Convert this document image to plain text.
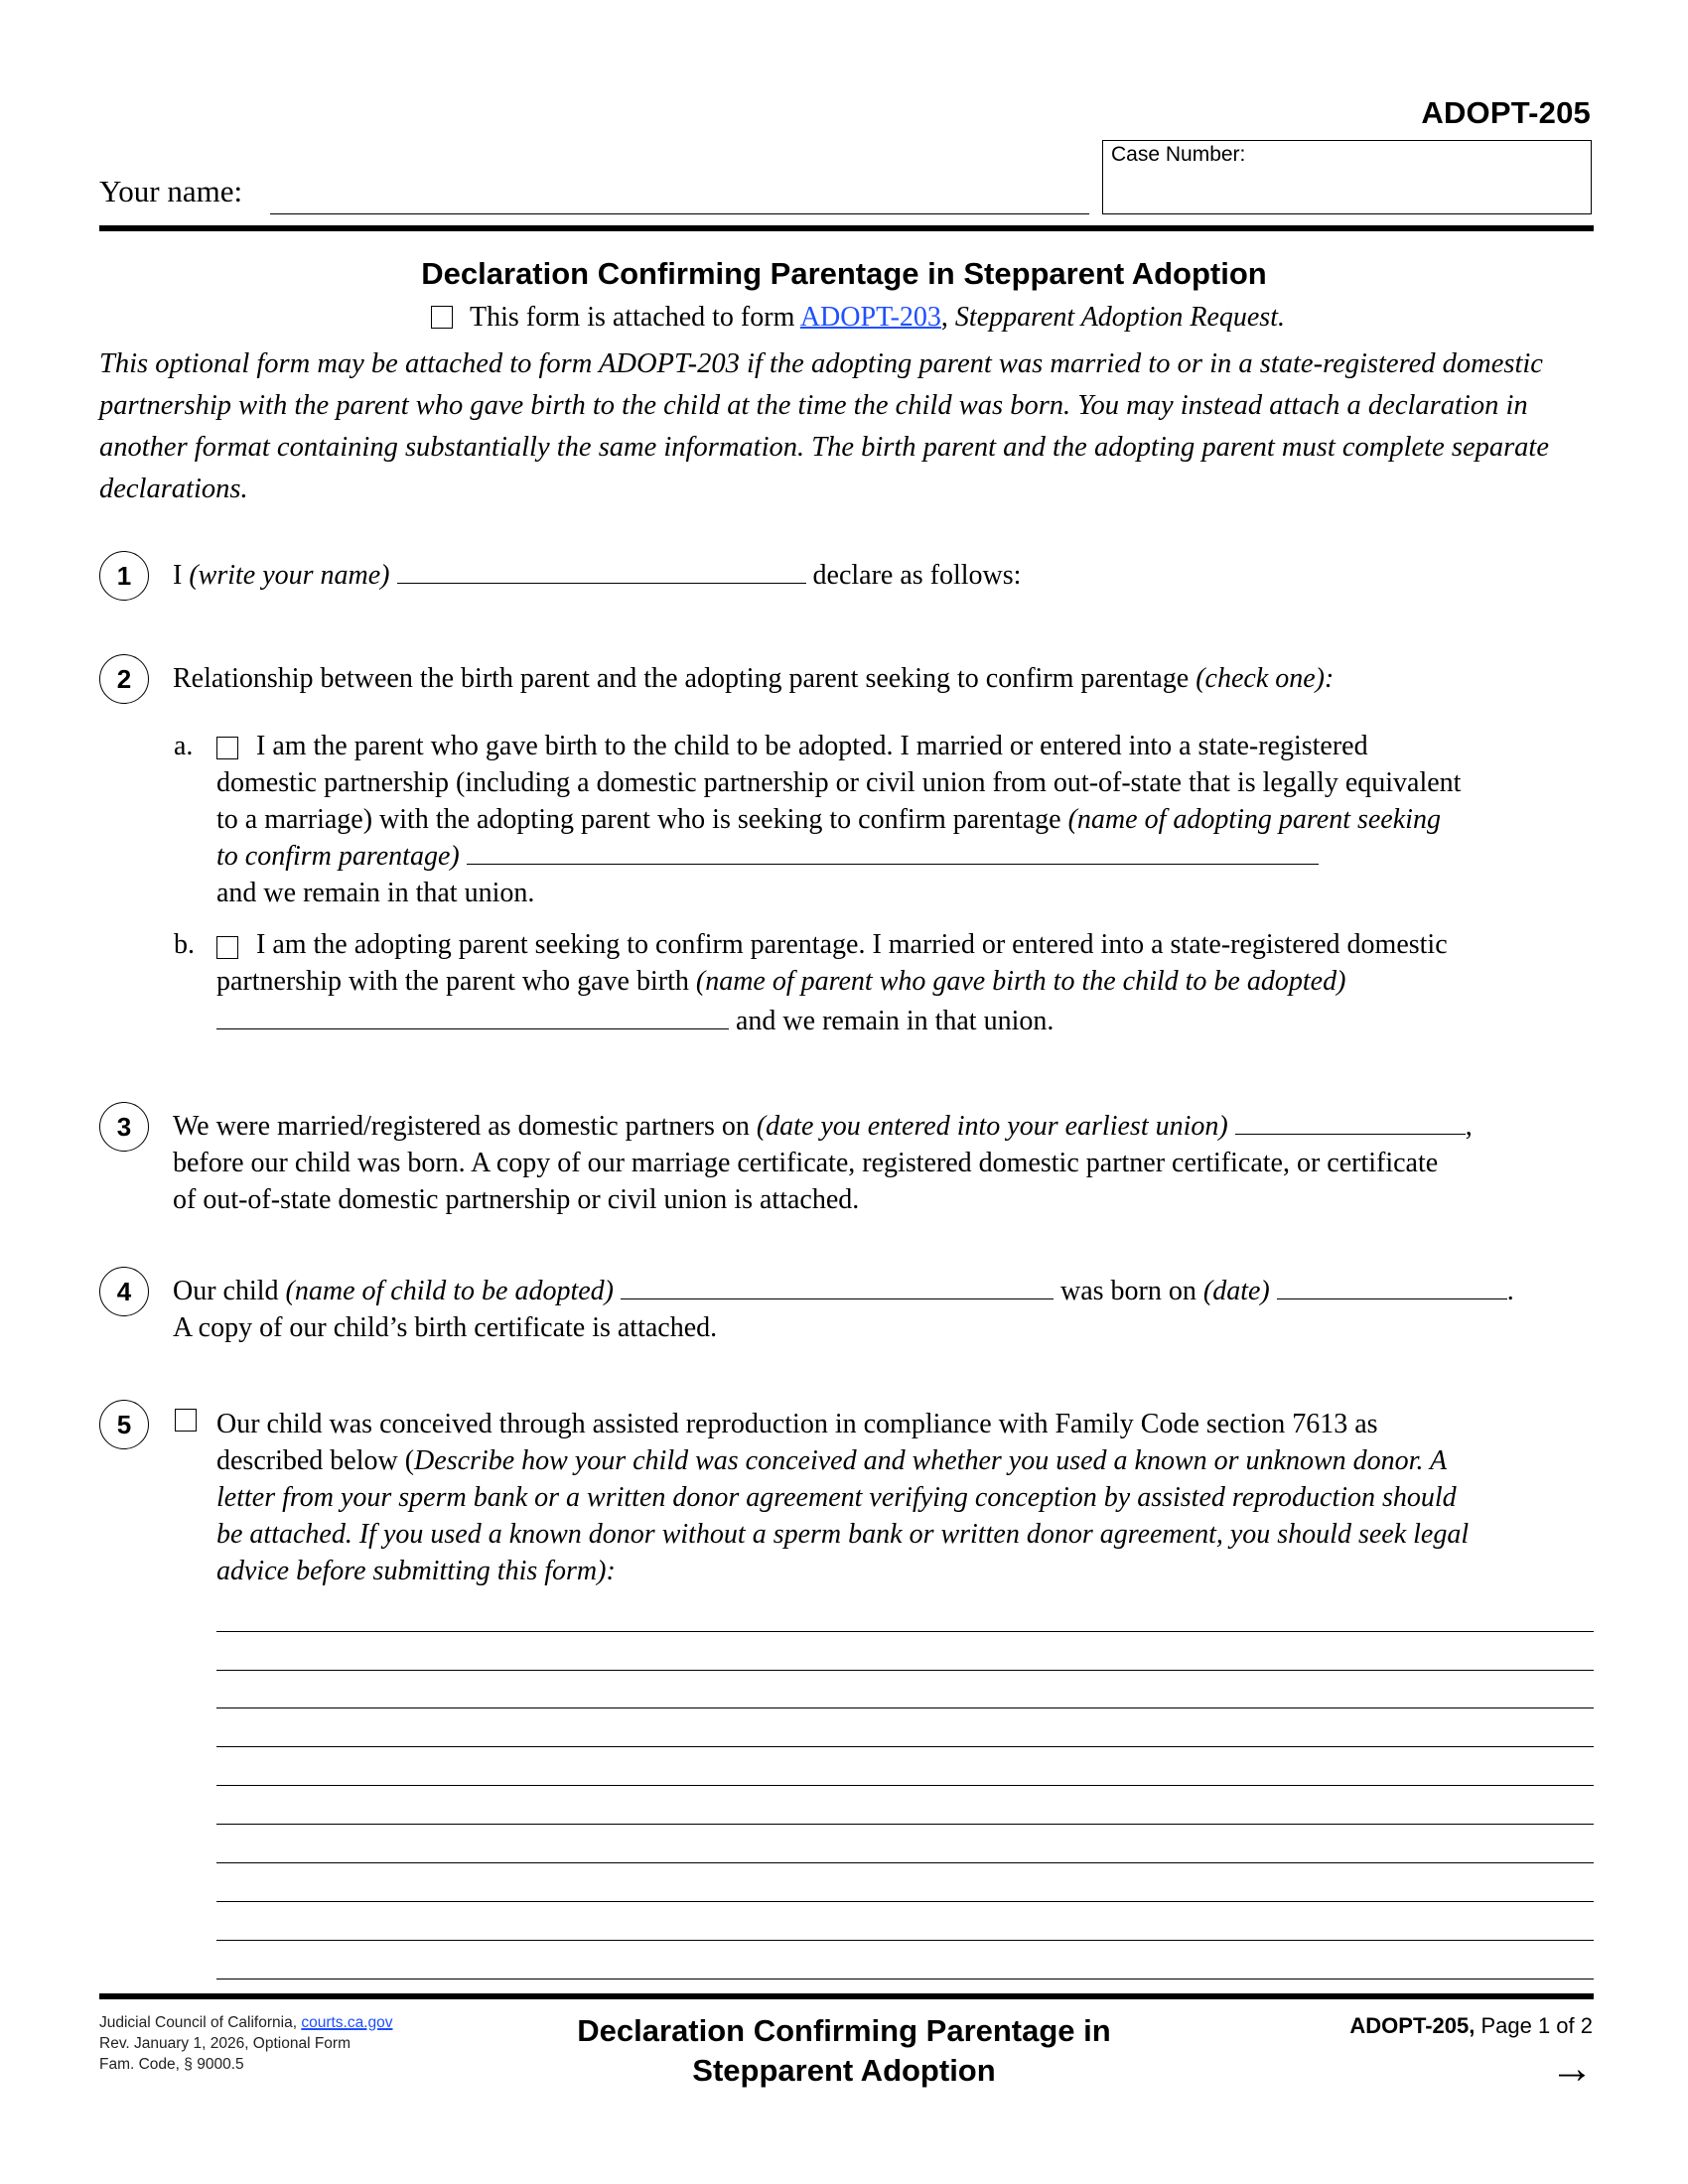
ADOPT-205
Case Number:
Your name:
Declaration Confirming Parentage in Stepparent Adoption
This form is attached to form ADOPT-203, Stepparent Adoption Request.
This optional form may be attached to form ADOPT-203 if the adopting parent was married to or in a state-registered domestic partnership with the parent who gave birth to the child at the time the child was born. You may instead attach a declaration in another format containing substantially the same information. The birth parent and the adopting parent must complete separate declarations.
1 I (write your name)	declare as follows:
2 Relationship between the birth parent and the adopting parent seeking to confirm parentage (check one):
a. I am the parent who gave birth to the child to be adopted. I married or entered into a state-registered
domestic partnership (including a domestic partnership or civil union from out-of-state that is legally equivalent
to a marriage) with the adopting parent who is seeking to confirm parentage (name of adopting parent seeking
to confirm parentage)
and we remain in that union.
b. I am the adopting parent seeking to confirm parentage. I married or entered into a state-registered domestic
partnership with the parent who gave birth (name of parent who gave birth to the child to be adopted)
and we remain in that union.
3 We were married/registered as domestic partners on (date you entered into your earliest union)	,
before our child was born. A copy of our marriage certificate, registered domestic partner certificate, or certificate
of out-of-state domestic partnership or civil union is attached.
4 Our child (name of child to be adopted)	was born on (date)	.
A copy of our child’s birth certificate is attached.
5	Our child was conceived through assisted reproduction in compliance with Family Code section 7613 as
described below (Describe how your child was conceived and whether you used a known or unknown donor. A
letter from your sperm bank or a written donor agreement verifying conception by assisted reproduction should
be attached. If you used a known donor without a sperm bank or written donor agreement, you should seek legal
advice before submitting this form):
Judicial Council of California, courts.ca.gov
Rev. January 1, 2026, Optional Form
Fam. Code, § 9000.5
Declaration Confirming Parentage in
Stepparent Adoption
ADOPT-205, Page 1 of 2
→
